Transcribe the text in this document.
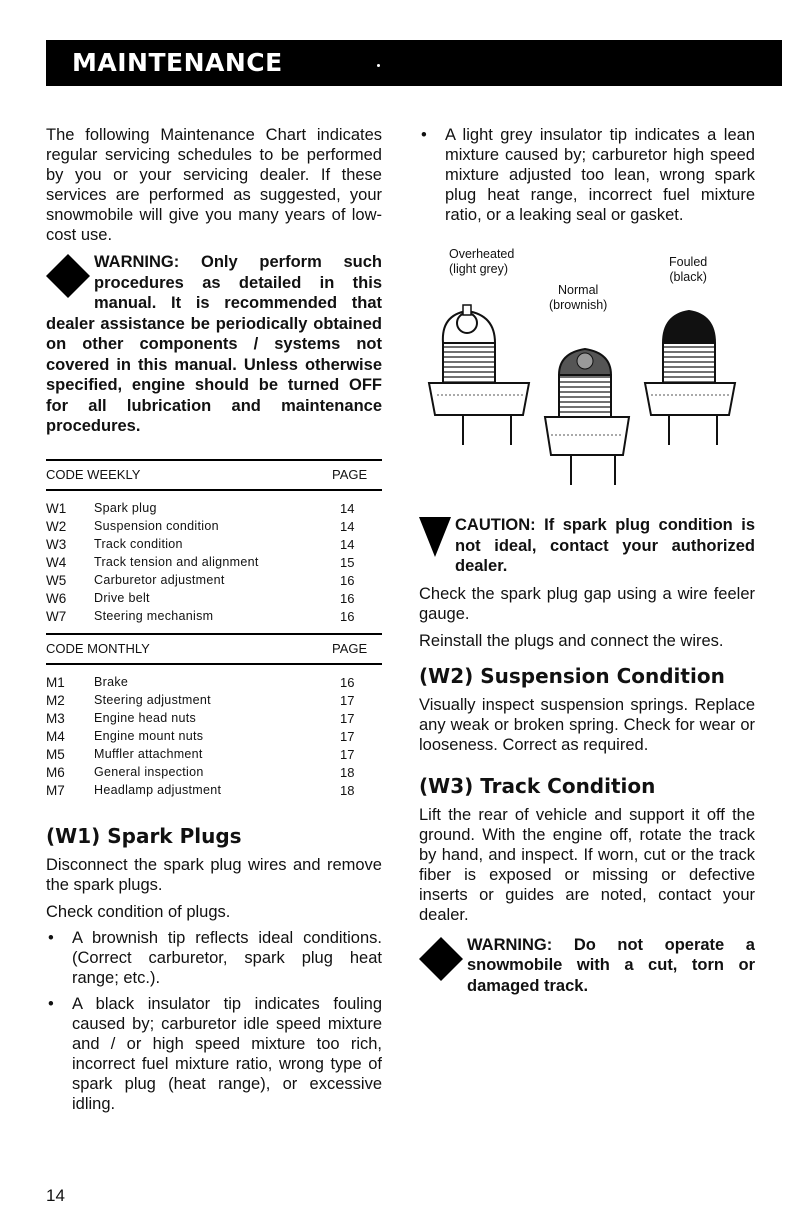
MAINTENANCE

The following Maintenance Chart indicates regular servicing schedules to be performed by you or your servicing dealer. If these services are performed as suggested, your snowmobile will give you many years of low-cost use.

WARNING: Only perform such procedures as detailed in this manual. It is recommended that dealer assistance be periodically obtained on other components / systems not covered in this manual. Unless otherwise specified, engine should be turned OFF for all lubrication and maintenance procedures.
CODE WEEKLY	PAGE
W1 Spark plug	14
W2 Suspension condition	14
W3 Track condition	14
W4 Track tension and alignment	15
W5 Carburetor adjustment	16
W6 Drive belt	16
W7 Steering mechanism	16
CODE MONTHLY	PAGE
M1 Brake	16
M2 Steering adjustment	17
M3 Engine head nuts	17
M4 Engine mount nuts	17
M5 Muffler attachment	17
M6 General inspection	18
M7 Headlamp adjustment	18
(W1) Spark Plugs

Disconnect the spark plug wires and remove the spark plugs.

Check condition of plugs.

• A brownish tip reflects ideal conditions. (Correct carburetor, spark plug heat range; etc.).
• A black insulator tip indicates fouling caused by; carburetor idle speed mixture and / or high speed mixture too rich, incorrect fuel mixture ratio, wrong type of spark plug (heat range), or excessive idling.
• A light grey insulator tip indicates a lean mixture caused by; carburetor high speed mixture adjusted too lean, wrong spark plug heat range, incorrect fuel mixture ratio, or a leaking seal or gasket.
Overheated
(light grey)
Normal
(brownish)
Fouled
(black)
CAUTION: If spark plug condition is not ideal, contact your authorized dealer.

Check the spark plug gap using a wire feeler gauge.

Reinstall the plugs and connect the wires.

(W2) Suspension Condition

Visually inspect suspension springs. Replace any weak or broken spring. Check for wear or looseness. Correct as required.

(W3) Track Condition

Lift the rear of vehicle and support it off the ground. With the engine off, rotate the track by hand, and inspect. If worn, cut or the track fiber is exposed or missing or defective inserts or guides are noted, contact your dealer.

WARNING: Do not operate a snowmobile with a cut, torn or damaged track.
14
